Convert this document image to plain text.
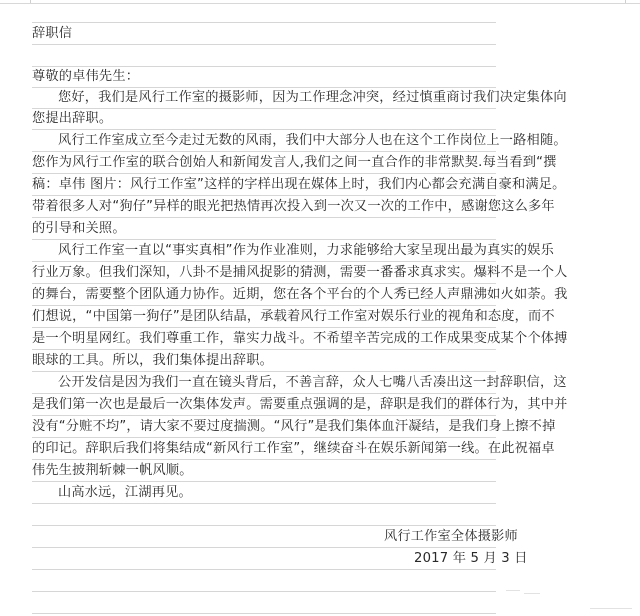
辞职信
尊敬的卓伟先生：
您好，我们是风行工作室的摄影师，因为工作理念冲突，经过慎重商讨我们决定集体向
您提出辞职。
风行工作室成立至今走过无数的风雨，我们中大部分人也在这个工作岗位上一路相随。
您作为风行工作室的联合创始人和新闻发言人,我们之间一直合作的非常默契.每当看到“撰
稿：卓伟 图片：风行工作室”这样的字样出现在媒体上时，我们内心都会充满自豪和满足。
带着很多人对“狗仔”异样的眼光把热情再次投入到一次又一次的工作中，感谢您这么多年
的引导和关照。
风行工作室一直以“事实真相”作为作业准则，力求能够给大家呈现出最为真实的娱乐
行业万象。但我们深知，八卦不是捕风捉影的猜测，需要一番番求真求实。爆料不是一个人
的舞台，需要整个团队通力协作。近期，您在各个平台的个人秀已经人声鼎沸如火如荼。我
们想说，“中国第一狗仔”是团队结晶，承载着风行工作室对娱乐行业的视角和态度，而不
是一个明星网红。我们尊重工作，靠实力战斗。不希望辛苦完成的工作成果变成某个个体搏
眼球的工具。所以，我们集体提出辞职。
公开发信是因为我们一直在镜头背后，不善言辞，众人七嘴八舌凑出这一封辞职信，这
是我们第一次也是最后一次集体发声。需要重点强调的是，辞职是我们的群体行为，其中并
没有“分赃不均”，请大家不要过度揣测。“风行”是我们集体血汗凝结，是我们身上擦不掉
的印记。辞职后我们将集结成“新风行工作室”，继续奋斗在娱乐新闻第一线。在此祝福卓
伟先生披荆斩棘一帆风顺。
山高水远，江湖再见。
风行工作室全体摄影师
2017 年 5 月 3 日
